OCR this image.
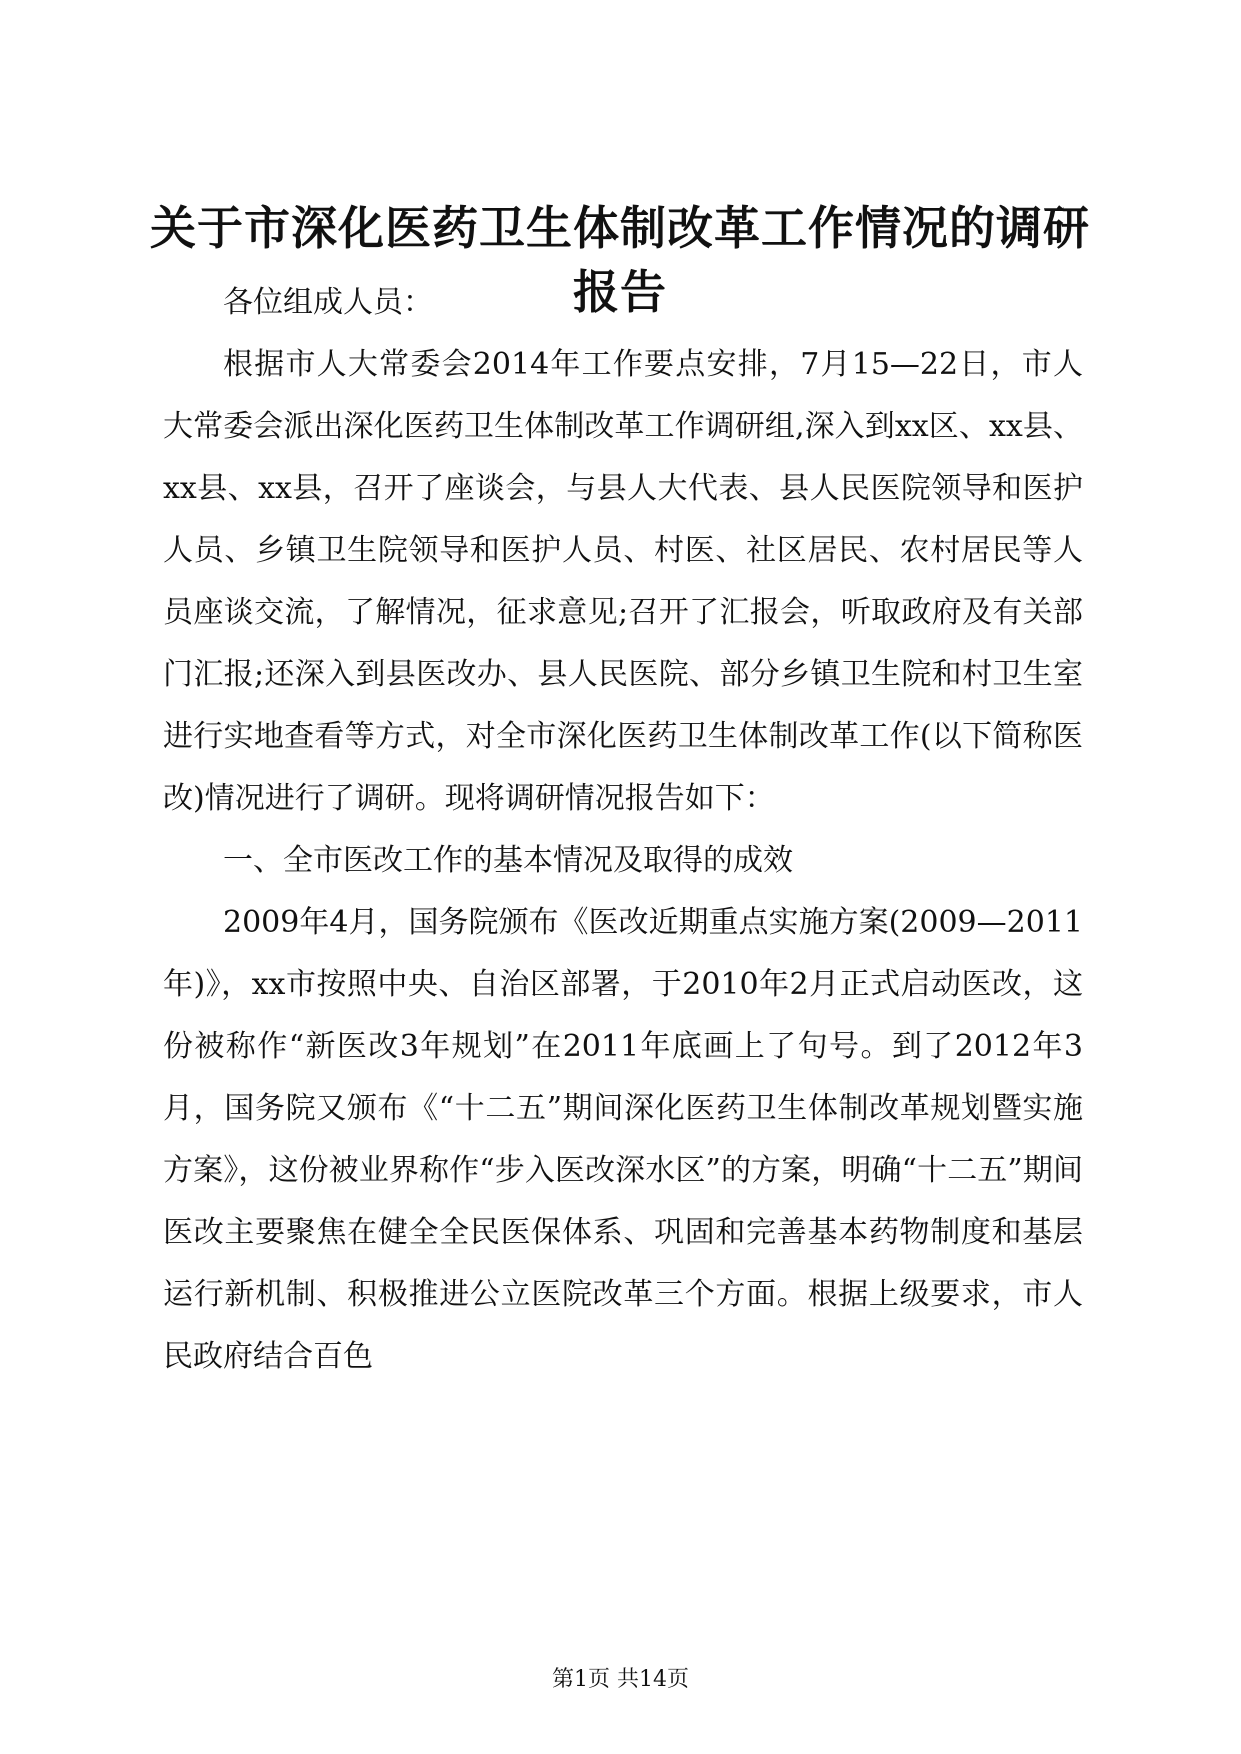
关于市深化医药卫生体制改革工作情况的调研报告

各位组成人员：

根据市人大常委会2014年工作要点安排，7月15—22日，市人大常委会派出深化医药卫生体制改革工作调研组,深入到xx区、xx县、xx县、xx县，召开了座谈会，与县人大代表、县人民医院领导和医护人员、乡镇卫生院领导和医护人员、村医、社区居民、农村居民等人员座谈交流，了解情况，征求意见;召开了汇报会，听取政府及有关部门汇报;还深入到县医改办、县人民医院、部分乡镇卫生院和村卫生室进行实地查看等方式，对全市深化医药卫生体制改革工作(以下简称医改)情况进行了调研。现将调研情况报告如下：

一、全市医改工作的基本情况及取得的成效

2009年4月，国务院颁布《医改近期重点实施方案(2009—2011年)》，xx市按照中央、自治区部署，于2010年2月正式启动医改，这份被称作“新医改3年规划”在2011年底画上了句号。到了2012年3月，国务院又颁布《“十二五”期间深化医药卫生体制改革规划暨实施方案》，这份被业界称作“步入医改深水区”的方案，明确“十二五”期间医改主要聚焦在健全全民医保体系、巩固和完善基本药物制度和基层运行新机制、积极推进公立医院改革三个方面。根据上级要求，市人民政府结合百色

第1页 共14页
